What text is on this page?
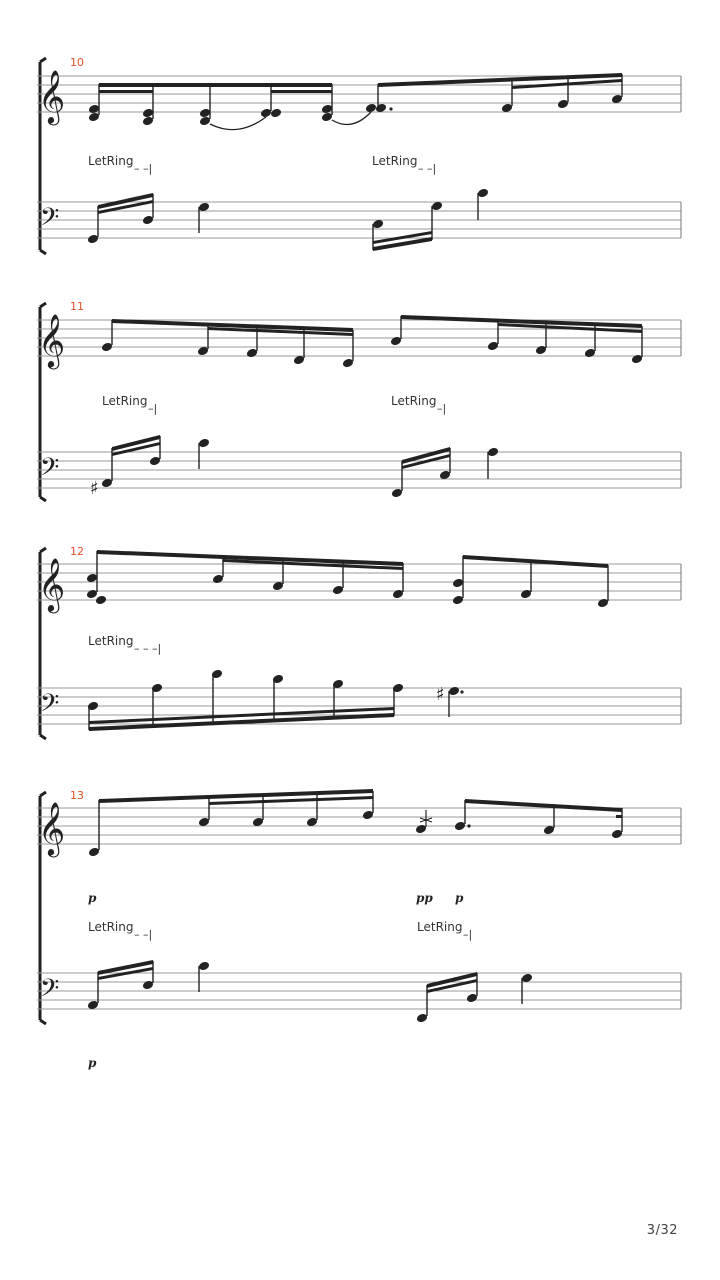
𝄞
10
LetRing
– –|
LetRing
– –|
𝄢
𝄞
11
LetRing
–|
LetRing
–|
𝄢
♯
𝄞
12
LetRing
– – –|
𝄢	♯
𝄞
13
p	pp p
LetRing
– –|
LetRing
–|
𝄢
p
3/32
